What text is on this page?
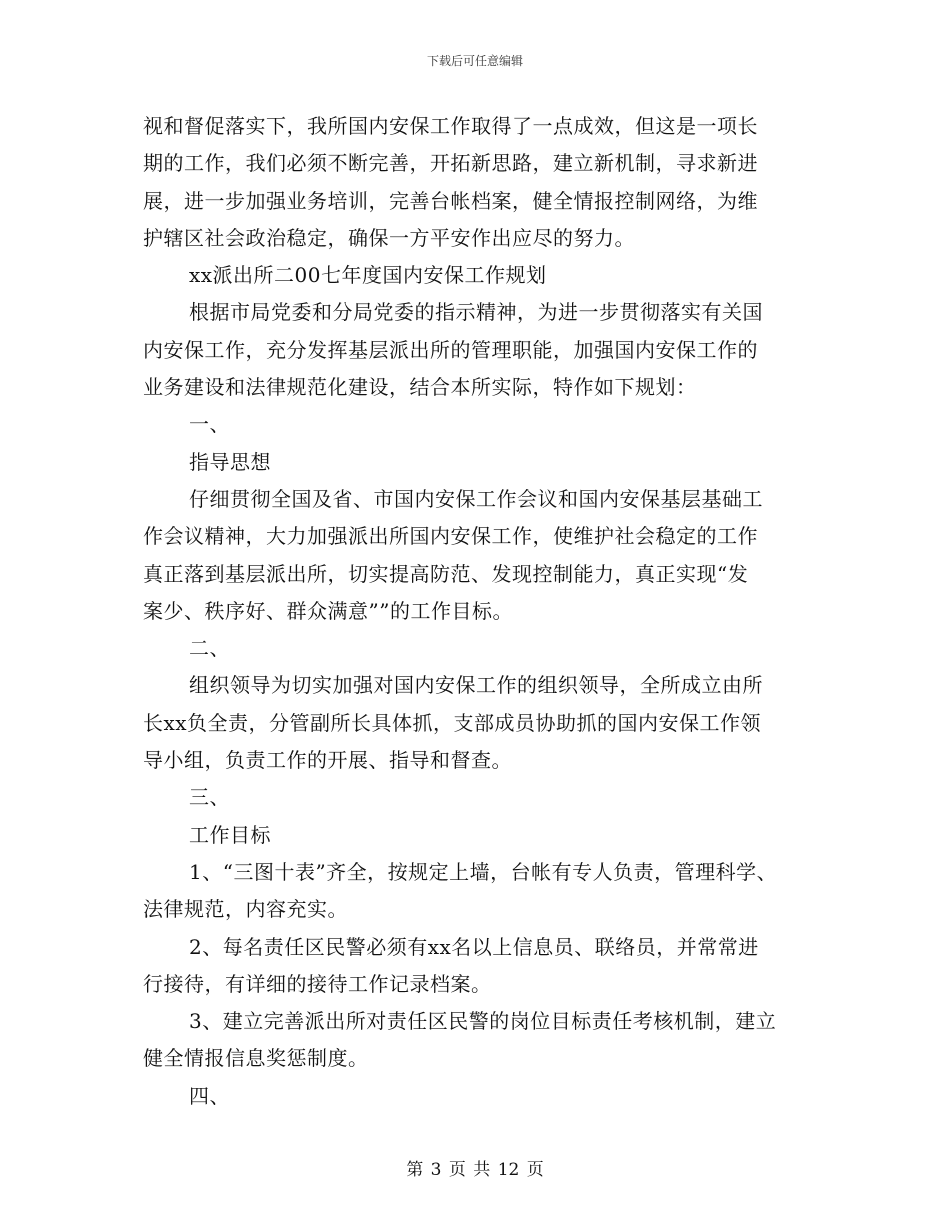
下载后可任意编辑
视和督促落实下，我所国内安保工作取得了一点成效，但这是一项长
期的工作，我们必须不断完善，开拓新思路，建立新机制，寻求新进
展，进一步加强业务培训，完善台帐档案，健全情报控制网络，为维
护辖区社会政治稳定，确保一方平安作出应尽的努力。
xx派出所二00七年度国内安保工作规划
根据市局党委和分局党委的指示精神，为进一步贯彻落实有关国
内安保工作，充分发挥基层派出所的管理职能，加强国内安保工作的
业务建设和法律规范化建设，结合本所实际，特作如下规划：
一、
指导思想
仔细贯彻全国及省、市国内安保工作会议和国内安保基层基础工
作会议精神，大力加强派出所国内安保工作，使维护社会稳定的工作
真正落到基层派出所，切实提高防范、发现控制能力，真正实现“发
案少、秩序好、群众满意””的工作目标。
二、
组织领导为切实加强对国内安保工作的组织领导，全所成立由所
长xx负全责，分管副所长具体抓，支部成员协助抓的国内安保工作领
导小组，负责工作的开展、指导和督查。
三、
工作目标
1、“三图十表”齐全，按规定上墙，台帐有专人负责，管理科学、
法律规范，内容充实。
2、每名责任区民警必须有xx名以上信息员、联络员，并常常进
行接待，有详细的接待工作记录档案。
3、建立完善派出所对责任区民警的岗位目标责任考核机制，建立
健全情报信息奖惩制度。
四、
第 3 页 共 12 页
